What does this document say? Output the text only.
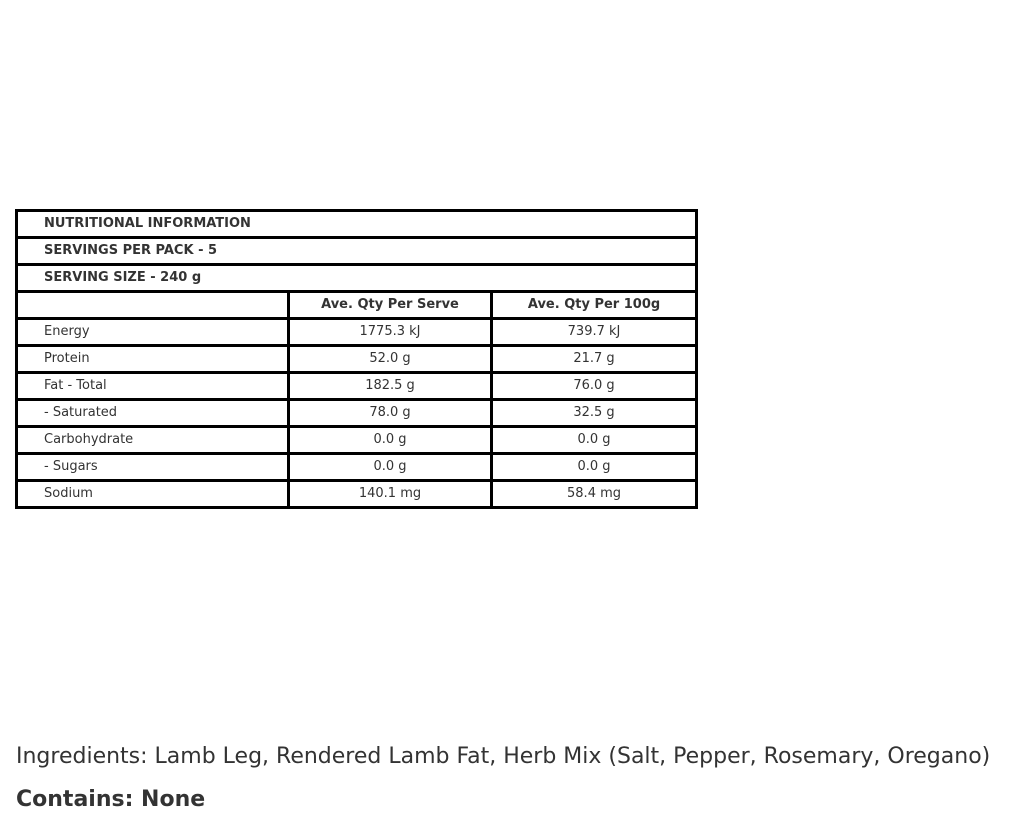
NUTRITIONAL INFORMATION		
SERVINGS PER PACK - 5		
SERVING SIZE - 240 g		
	Ave. Qty Per Serve	Ave. Qty Per 100g
Energy	1775.3 kJ	739.7 kJ
Protein	52.0 g	21.7 g
Fat - Total	182.5 g	76.0 g
- Saturated	78.0 g	32.5 g
Carbohydrate	0.0 g	0.0 g
- Sugars	0.0 g	0.0 g
Sodium	140.1 mg	58.4 mg

Ingredients: Lamb Leg, Rendered Lamb Fat, Herb Mix (Salt, Pepper, Rosemary, Oregano)

Contains: None
